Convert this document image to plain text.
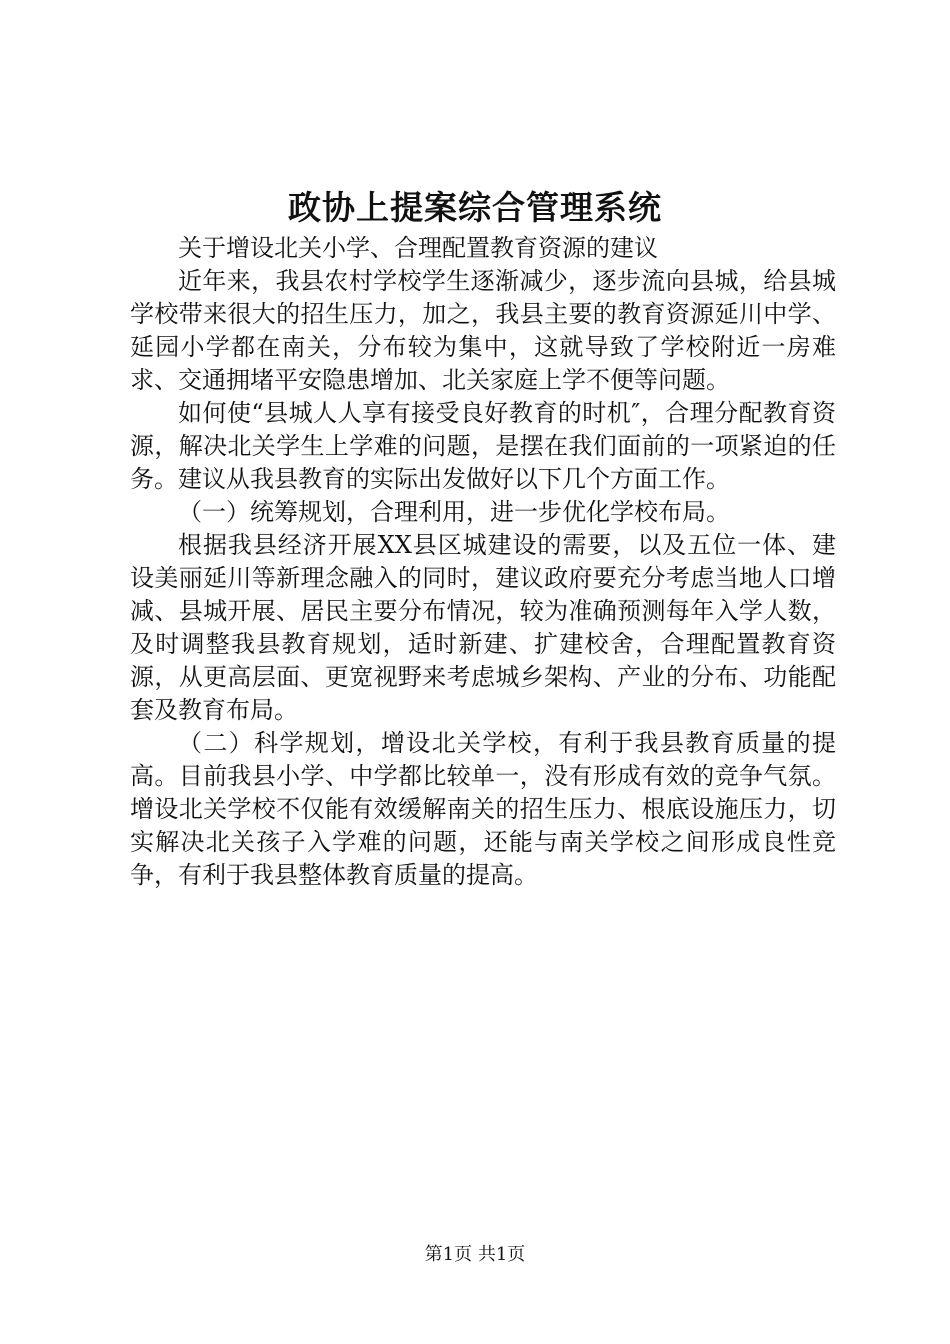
政协上提案综合管理系统

关于增设北关小学、合理配置教育资源的建议

近年来，我县农村学校学生逐渐减少，逐步流向县城，给县城学校带来很大的招生压力，加之，我县主要的教育资源延川中学、延园小学都在南关，分布较为集中，这就导致了学校附近一房难求、交通拥堵平安隐患增加、北关家庭上学不便等问题。

如何使“县城人人享有接受良好教育的时机″，合理分配教育资源，解决北关学生上学难的问题，是摆在我们面前的一项紧迫的任务。建议从我县教育的实际出发做好以下几个方面工作。

（一）统筹规划，合理利用，进一步优化学校布局。

根据我县经济开展XX县区城建设的需要，以及五位一体、建设美丽延川等新理念融入的同时，建议政府要充分考虑当地人口增减、县城开展、居民主要分布情况，较为准确预测每年入学人数，及时调整我县教育规划，适时新建、扩建校舍，合理配置教育资源，从更高层面、更宽视野来考虑城乡架构、产业的分布、功能配套及教育布局。

（二）科学规划，增设北关学校，有利于我县教育质量的提高。目前我县小学、中学都比较单一，没有形成有效的竞争气氛。增设北关学校不仅能有效缓解南关的招生压力、根底设施压力，切实解决北关孩子入学难的问题，还能与南关学校之间形成良性竞争，有利于我县整体教育质量的提高。

第1页 共1页
